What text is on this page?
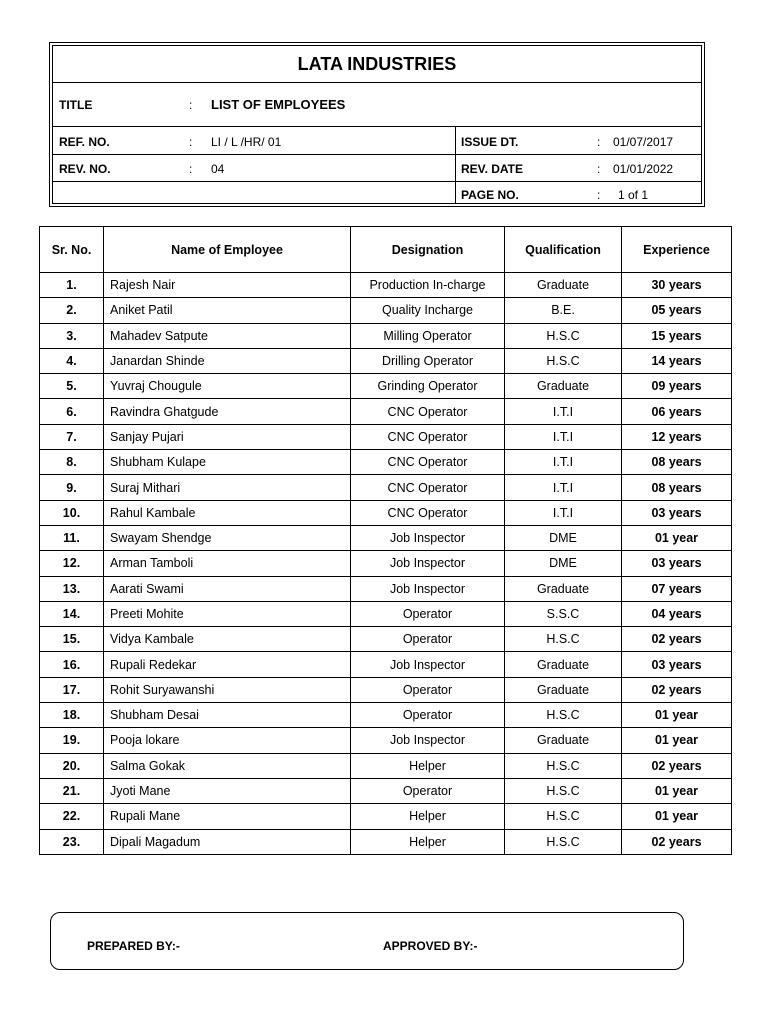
LATA INDUSTRIES
TITLE	: LIST OF EMPLOYEES
REF. NO.	: LI / L /HR/ 01	ISSUE DT.	: 01/07/2017
REV. NO.	: 04	REV. DATE	: 01/01/2022
PAGE NO.	: 1 of 1
Sr. No.	Name of Employee	Designation	Qualification	Experience
1.	Rajesh Nair	Production In-charge	Graduate	30 years
2.	Aniket Patil	Quality Incharge	B.E.	05 years
3.	Mahadev Satpute	Milling Operator	H.S.C	15 years
4.	Janardan Shinde	Drilling Operator	H.S.C	14 years
5.	Yuvraj Chougule	Grinding Operator	Graduate	09 years
6.	Ravindra Ghatgude	CNC Operator	I.T.I	06 years
7.	Sanjay Pujari	CNC Operator	I.T.I	12 years
8.	Shubham Kulape	CNC Operator	I.T.I	08 years
9.	Suraj Mithari	CNC Operator	I.T.I	08 years
10.	Rahul Kambale	CNC Operator	I.T.I	03 years
11.	Swayam Shendge	Job Inspector	DME	01 year
12.	Arman Tamboli	Job Inspector	DME	03 years
13.	Aarati Swami	Job Inspector	Graduate	07 years
14.	Preeti Mohite	Operator	S.S.C	04 years
15.	Vidya Kambale	Operator	H.S.C	02 years
16.	Rupali Redekar	Job Inspector	Graduate	03 years
17.	Rohit Suryawanshi	Operator	Graduate	02 years
18.	Shubham Desai	Operator	H.S.C	01 year
19.	Pooja lokare	Job Inspector	Graduate	01 year
20.	Salma Gokak	Helper	H.S.C	02 years
21.	Jyoti Mane	Operator	H.S.C	01 year
22.	Rupali Mane	Helper	H.S.C	01 year
23.	Dipali Magadum	Helper	H.S.C	02 years
PREPARED BY:-	APPROVED BY:-
